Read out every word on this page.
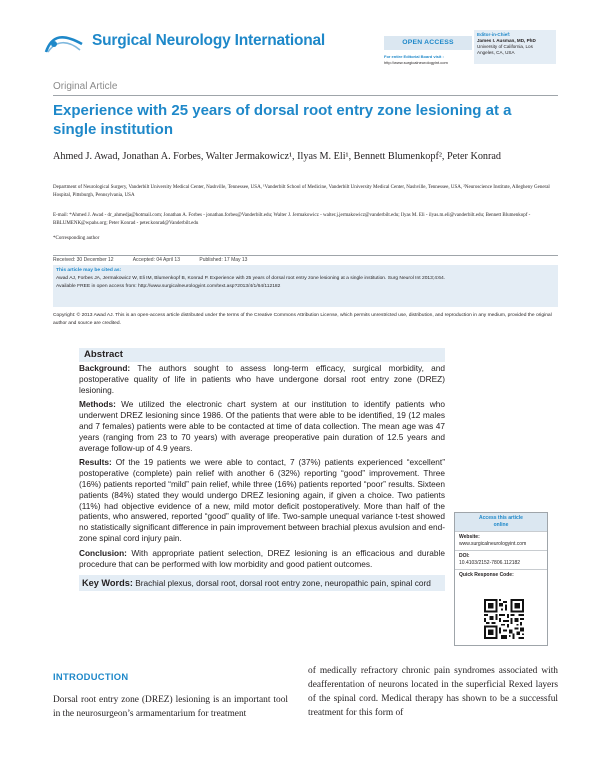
Surgical Neurology International	OPEN ACCESS
For entire Editorial Board visit :
http://www.surgicalneurologyint.com
Editor-in-Chief:
James I. Ausman, MD, PhD
University of California, Los
Angeles, CA, USA
Original Article
Experience with 25 years of dorsal root entry zone lesioning at a single institution
Ahmed J. Awad, Jonathan A. Forbes, Walter Jermakowicz¹, Ilyas M. Eli¹, Bennett Blumenkopf², Peter Konrad
Department of Neurological Surgery, Vanderbilt University Medical Center, Nashville, Tennessee, USA, ¹Vanderbilt School of Medicine, Vanderbilt University Medical Center, Nashville, Tennessee, USA, ²Neuroscience Institute, Allegheny General Hospital, Pittsburgh, Pennsylvania, USA
E-mail: *Ahmed J. Awad - dr_ahmedja@hotmail.com; Jonathan A. Forbes - jonathan.forbes@Vanderbilt.edu; Walter J. Jermakowicz - walter.j.jermakowicz@vanderbilt.edu; Ilyas M. Eli - ilyas.m.eli@vanderbilt.edu; Bennett Blumenkopf - BBLUMENK@wpahs.org; Peter Konrad - peter.konrad@Vanderbilt.edu
*Corresponding author
Received: 30 December 12	Accepted: 04 April 13	Published: 17 May 13
This article may be cited as:
Awad AJ, Forbes JA, Jermakowicz W, Eli IM, Blumenkopf B, Konrad P. Experience with 25 years of dorsal root entry zone lesioning at a single institution. Surg Neurol Int 2013;4:64.
Available FREE in open access from: http://www.surgicalneurologyint.com/text.asp?2013/4/1/64/112182
Copyright: © 2013 Awad AJ. This is an open-access article distributed under the terms of the Creative Commons Attribution License, which permits unrestricted use, distribution, and reproduction in any medium, provided the original author and source are credited.
Abstract

Background: The authors sought to assess long-term efficacy, surgical morbidity, and postoperative quality of life in patients who have undergone dorsal root entry zone (DREZ) lesioning.

Methods: We utilized the electronic chart system at our institution to identify patients who underwent DREZ lesioning since 1986. Of the patients that were able to be identified, 19 (12 males and 7 females) patients were able to be contacted at time of data collection. The mean age was 47 years (ranging from 23 to 70 years) with average preoperative pain duration of 12.5 years and average follow-up of 4.9 years.

Results: Of the 19 patients we were able to contact, 7 (37%) patients experienced “excellent” postoperative (complete) pain relief with another 6 (32%) reporting “good” improvement. Three (16%) patients reported “mild” pain relief, while three (16%) patients reported “poor” results. Sixteen patients (84%) stated they would undergo DREZ lesioning again, if given a choice. Two patients (11%) had objective evidence of a new, mild motor deficit postoperatively. More than half of the patients, who answered, reported “good” quality of life. Two-sample unequal variance t-test showed no statistically significant difference in pain improvement between brachial plexus avulsion and end-zone spinal cord injury pain.

Conclusion: With appropriate patient selection, DREZ lesioning is an efficacious and durable procedure that can be performed with low morbidity and good patient outcomes.

Key Words: Brachial plexus, dorsal root, dorsal root entry zone, neuropathic pain, spinal cord
Access this article
online
Website:
www.surgicalneurologyint.com
DOI:
10.4103/2152-7806.112182
Quick Response Code:
INTRODUCTION
Dorsal root entry zone (DREZ) lesioning is an important tool in the neurosurgeon’s armamentarium for treatment
of medically refractory chronic pain syndromes associated with deafferentation of neurons located in the superficial Rexed layers of the spinal cord. Medical therapy has shown to be a successful treatment for this form of
